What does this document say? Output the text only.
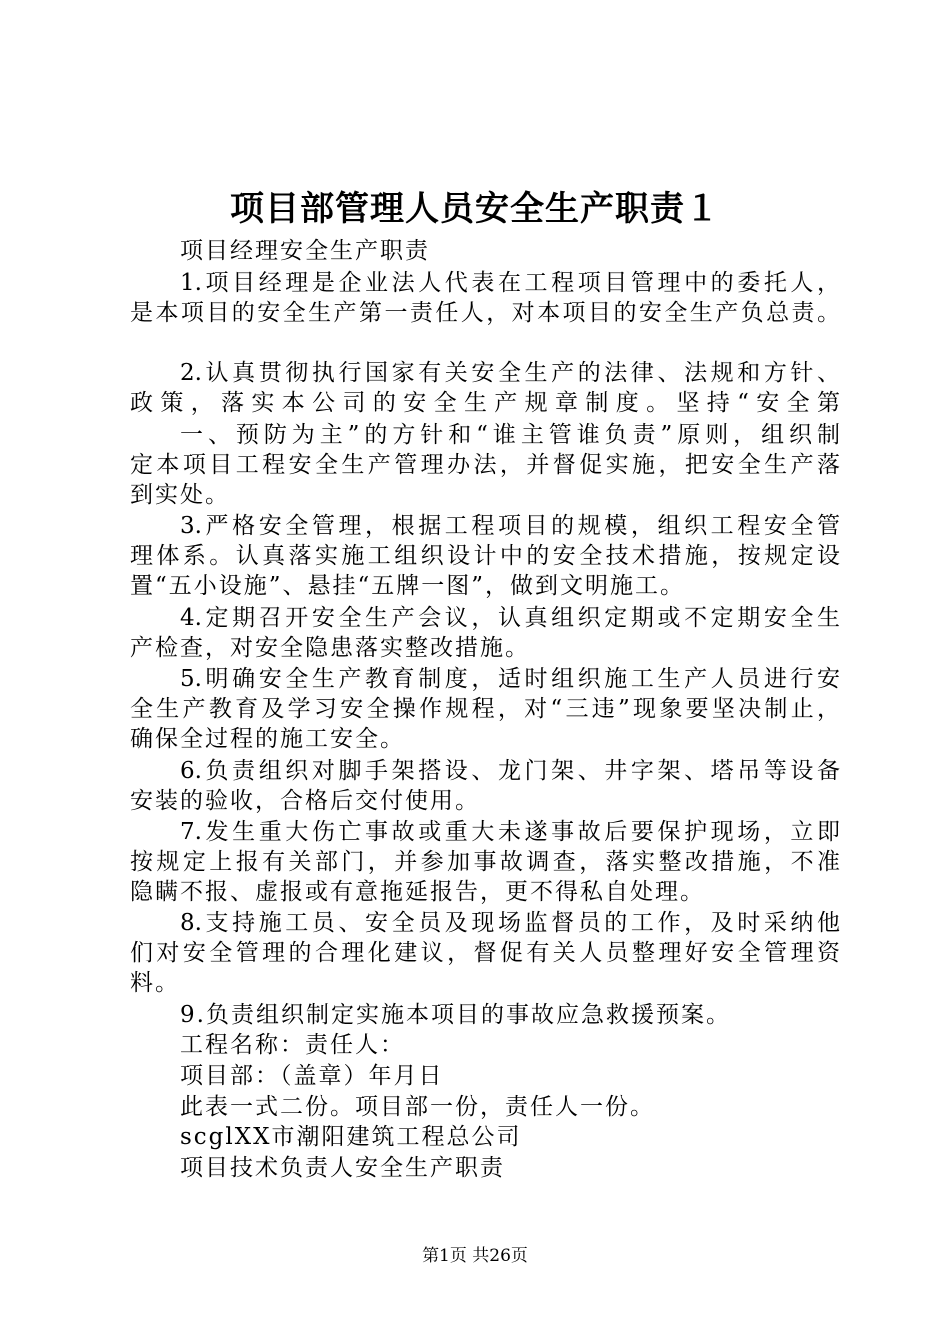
项目部管理人员安全生产职责１
项目经理安全生产职责
1.项目经理是企业法人代表在工程项目管理中的委托人，
是本项目的安全生产第一责任人，对本项目的安全生产负总责。
2.认真贯彻执行国家有关安全生产的法律、法规和方针、
政策，落实本公司的安全生产规章制度。坚持“安全第
一、预防为主”的方针和“谁主管谁负责”原则，组织制
定本项目工程安全生产管理办法，并督促实施，把安全生产落
到实处。
3.严格安全管理，根据工程项目的规模，组织工程安全管
理体系。认真落实施工组织设计中的安全技术措施，按规定设
置“五小设施”、悬挂“五牌一图”，做到文明施工。
4.定期召开安全生产会议，认真组织定期或不定期安全生
产检查，对安全隐患落实整改措施。
5.明确安全生产教育制度，适时组织施工生产人员进行安
全生产教育及学习安全操作规程，对“三违”现象要坚决制止，
确保全过程的施工安全。
6.负责组织对脚手架搭设、龙门架、井字架、塔吊等设备
安装的验收，合格后交付使用。
7.发生重大伤亡事故或重大未遂事故后要保护现场，立即
按规定上报有关部门，并参加事故调查，落实整改措施，不准
隐瞒不报、虚报或有意拖延报告，更不得私自处理。
8.支持施工员、安全员及现场监督员的工作，及时采纳他
们对安全管理的合理化建议，督促有关人员整理好安全管理资
料。
9.负责组织制定实施本项目的事故应急救援预案。
工程名称：责任人：
项目部：（盖章）年月日
此表一式二份。项目部一份，责任人一份。
scglXX市潮阳建筑工程总公司
项目技术负责人安全生产职责
第1页 共26页
